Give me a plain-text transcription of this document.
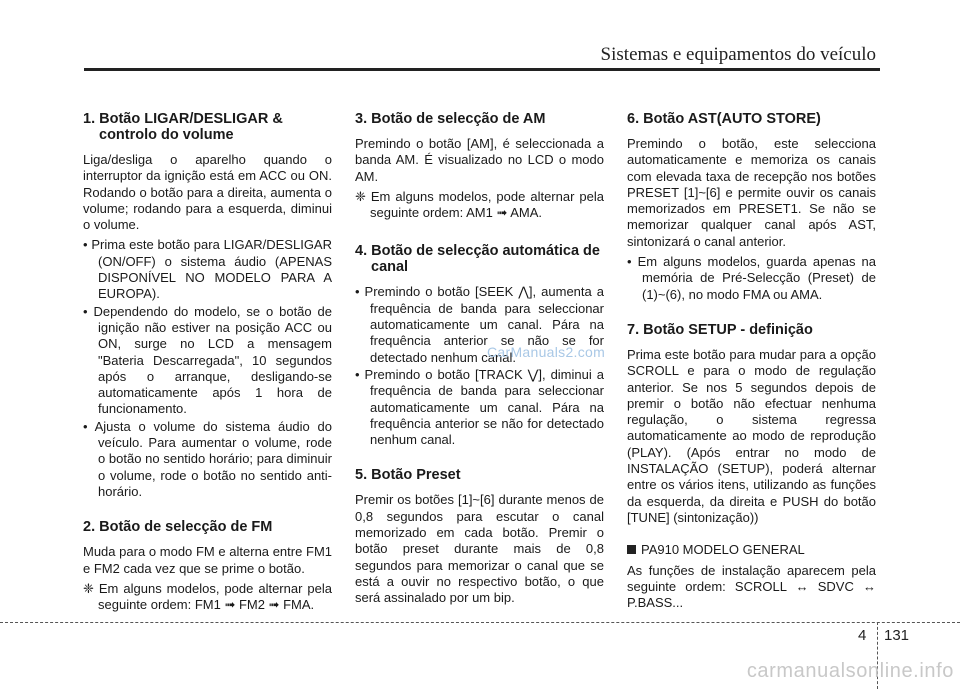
Sistemas e equipamentos do veículo
1. Botão LIGAR/DESLIGAR & controlo do volume
Liga/desliga o aparelho quando o interruptor da ignição está em ACC ou ON. Rodando o botão para a direita, aumenta o volume; rodando para a esquerda, diminui o volume.
• Prima este botão para LIGAR/DESLIGAR (ON/OFF) o sistema áudio (APENAS DISPONÍVEL NO MODELO PARA A EUROPA).
• Dependendo do modelo, se o botão de ignição não estiver na posição ACC ou ON, surge no LCD a mensagem "Bateria Descarregada", 10 segundos após o arranque, desligando-se automaticamente após 1 hora de funcionamento.
• Ajusta o volume do sistema áudio do veículo. Para aumentar o volume, rode o botão no sentido horário; para diminuir o volume, rode o botão no sentido anti-horário.
2. Botão de selecção de FM
Muda para o modo FM e alterna entre FM1 e FM2 cada vez que se prime o botão.
❈ Em alguns modelos, pode alternar pela seguinte ordem: FM1 ➟ FM2 ➟ FMA.
3. Botão de selecção de AM
Premindo o botão [AM], é seleccionada a banda AM. É visualizado no LCD o modo AM.
❈ Em alguns modelos, pode alternar pela seguinte ordem: AM1 ➟ AMA.
4. Botão de selecção automática de canal
• Premindo o botão [SEEK ⋀], aumenta a frequência de banda para seleccionar automaticamente um canal. Pára na frequência anterior se não se for detectado nenhum canal.
• Premindo o botão [TRACK ⋁], diminui a frequência de banda para seleccionar automaticamente um canal. Pára na frequência anterior se não for detectado nenhum canal.
5. Botão Preset
Premir os botões [1]~[6] durante menos de 0,8 segundos para escutar o canal memorizado em cada botão. Premir o botão preset durante mais de 0,8 segundos para memorizar o canal que se está a ouvir no respectivo botão, o que será assinalado por um bip.
6. Botão AST(AUTO STORE)
Premindo o botão, este selecciona automaticamente e memoriza os canais com elevada taxa de recepção nos botões PRESET [1]~[6] e permite ouvir os canais memorizados em PRESET1. Se não se memorizar qualquer canal após AST, sintonizará o canal anterior.
• Em alguns modelos, guarda apenas na memória de Pré-Selecção (Preset) de (1)~(6), no modo FMA ou AMA.
7. Botão SETUP - definição
Prima este botão para mudar para a opção SCROLL e para o modo de regulação anterior. Se nos 5 segundos depois de premir o botão não efectuar nenhuma regulação, o sistema regressa automaticamente ao modo de reprodução (PLAY). (Após entrar no modo de INSTALAÇÃO (SETUP), poderá alternar entre os vários itens, utilizando as funções da esquerda, da direita e PUSH do botão [TUNE] (sintonização))
PA910 MODELO GENERAL
As funções de instalação aparecem pela seguinte ordem: SCROLL ↔ SDVC ↔ P.BASS...
CarManuals2.com
4 131
carmanualsonline.info
